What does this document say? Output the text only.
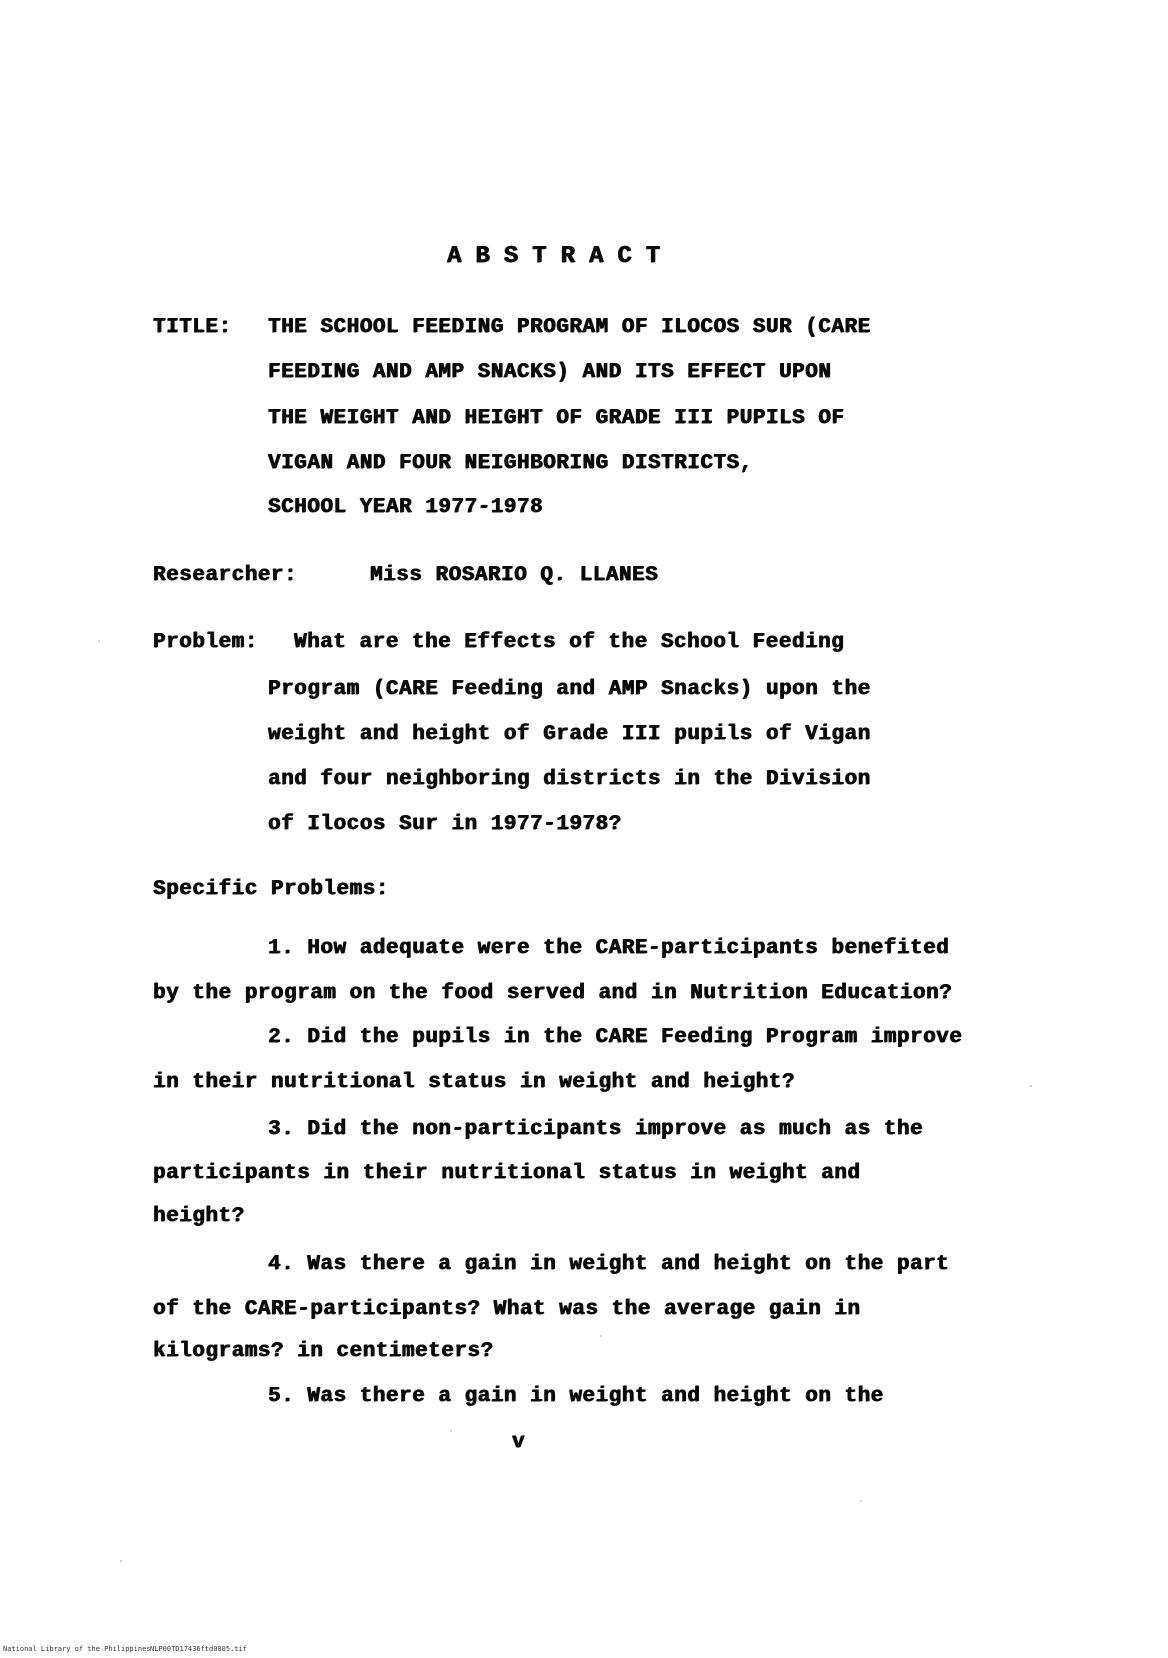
ABSTRACT
TITLE: THE SCHOOL FEEDING PROGRAM OF ILOCOS SUR (CARE
FEEDING AND AMP SNACKS) AND ITS EFFECT UPON
THE WEIGHT AND HEIGHT OF GRADE III PUPILS OF
VIGAN AND FOUR NEIGHBORING DISTRICTS,
SCHOOL YEAR 1977-1978
Researcher:	Miss ROSARIO Q. LLANES
Problem: What are the Effects of the School Feeding
Program (CARE Feeding and AMP Snacks) upon the
weight and height of Grade III pupils of Vigan
and four neighboring districts in the Division
of Ilocos Sur in 1977-1978?
Specific Problems:
1. How adequate were the CARE-participants benefited
by the program on the food served and in Nutrition Education?
2. Did the pupils in the CARE Feeding Program improve
in their nutritional status in weight and height?
3. Did the non-participants improve as much as the
participants in their nutritional status in weight and
height?
4. Was there a gain in weight and height on the part
of the CARE-participants? What was the average gain in
kilograms? in centimeters?
5. Was there a gain in weight and height on the
v
National Library of the Philippines NLP00TD17436ftd0005.tif
